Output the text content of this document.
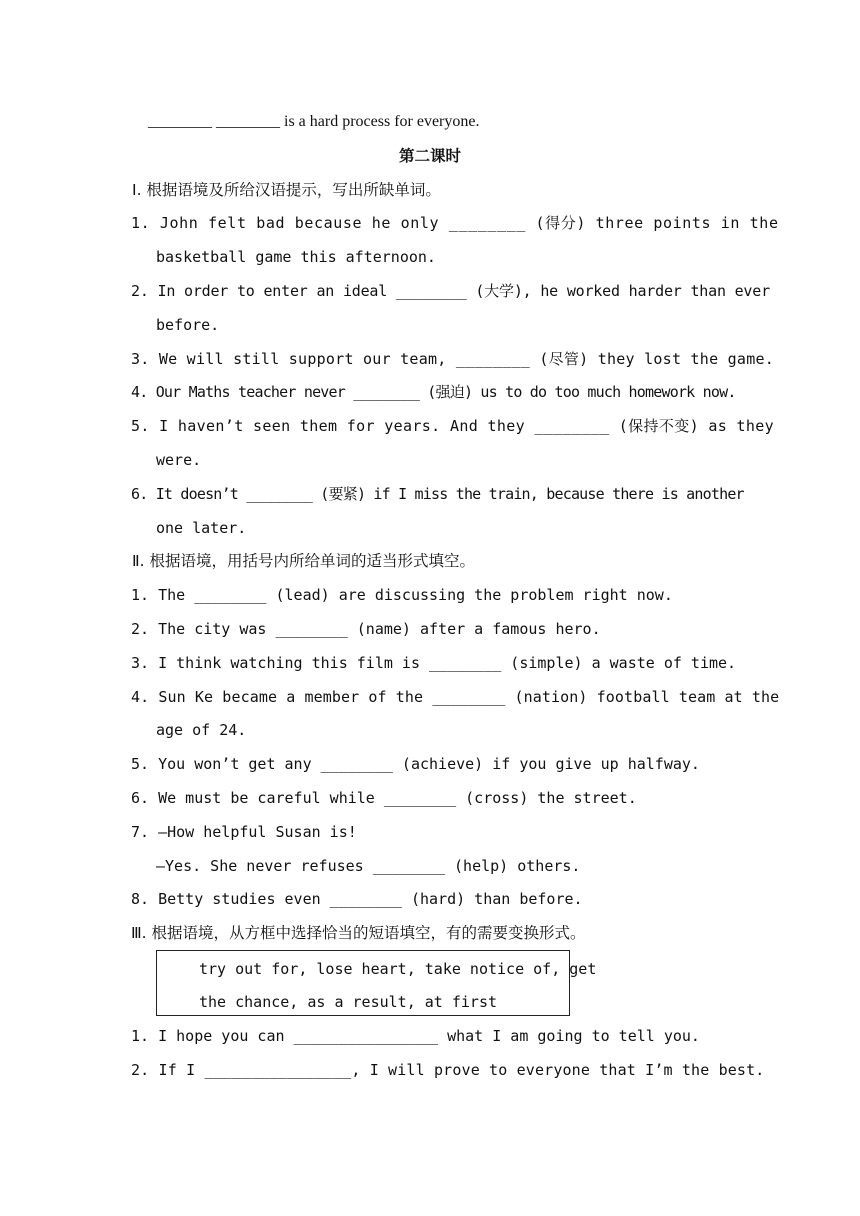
________ ________ is a hard process for everyone.
第二课时
Ⅰ. 根据语境及所给汉语提示，写出所缺单词。
1. John felt bad because he only ________ (得分) three points in the
basketball game this afternoon.
2. In order to enter an ideal ________ (大学), he worked harder than ever
before.
3. We will still support our team, ________ (尽管) they lost the game.
4. Our Maths teacher never ________ (强迫) us to do too much homework now.
5. I haven’t seen them for years. And they ________ (保持不变) as they
were.
6. It doesn’t ________ (要紧) if I miss the train, because there is another
one later.
Ⅱ. 根据语境，用括号内所给单词的适当形式填空。
1. The ________ (lead) are discussing the problem right now.
2. The city was ________ (name) after a famous hero.
3. I think watching this film is ________ (simple) a waste of time.
4. Sun Ke became a member of the ________ (nation) football team at the
age of 24.
5. You won’t get any ________ (achieve) if you give up halfway.
6. We must be careful while ________ (cross) the street.
7. —How helpful Susan is!
—Yes. She never refuses ________ (help) others.
8. Betty studies even ________ (hard) than before.
Ⅲ. 根据语境，从方框中选择恰当的短语填空，有的需要变换形式。
try out for, lose heart, take notice of, get
the chance, as a result, at first
1. I hope you can ________________ what I am going to tell you.
2. If I ________________, I will prove to everyone that I’m the best.
